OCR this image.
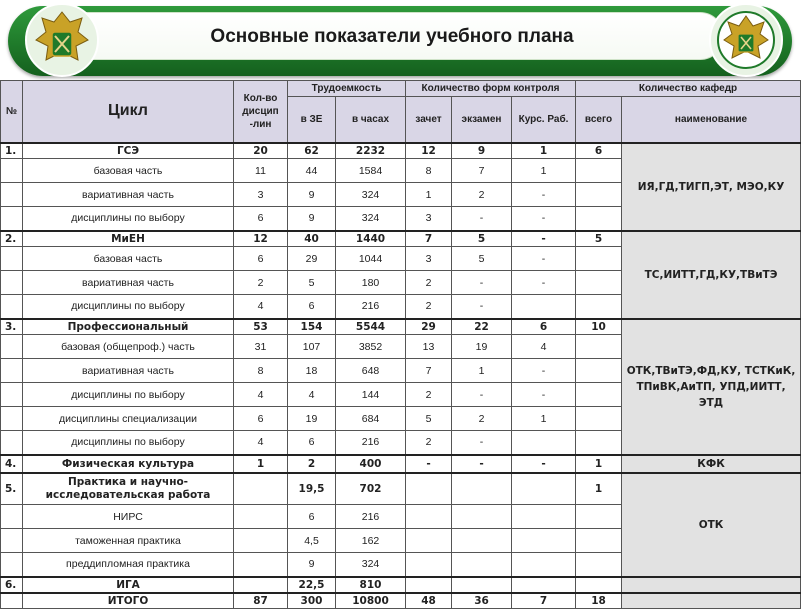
Основные показатели учебного плана
№	Цикл	Кол-во дисцип -лин	Трудоемкость		Количество форм контроля			Количество кафедр	
			в ЗЕ	в часах	зачет	экзамен	Курс. Раб.	всего	наименование
1.	ГСЭ	20	62	2232	12	9	1	6	ИЯ,ГД,ТИГП,ЭТ, МЭО,КУ
	базовая часть	11	44	1584	8	7	1		
	вариативная часть	3	9	324	1	2	-		
	дисциплины по выбору	6	9	324	3	-	-		
2.	МиЕН	12	40	1440	7	5	-	5	ТС,ИИТТ,ГД,КУ,ТВиТЭ
	базовая часть	6	29	1044	3	5	-		
	вариативная часть	2	5	180	2	-	-		
	дисциплины по выбору	4	6	216	2	-			
3.	Профессиональный	53	154	5544	29	22	6	10	ОТК,ТВиТЭ,ФД,КУ, ТСТКиК, ТПиВК,АиТП, УПД,ИИТТ, ЭТД
	базовая (общепроф.) часть	31	107	3852	13	19	4		
	вариативная часть	8	18	648	7	1	-		
	дисциплины по выбору	4	4	144	2	-	-		
	дисциплины специализации	6	19	684	5	2	1		
	дисциплины по выбору	4	6	216	2	-			
4.	Физическая культура	1	2	400	-	-	-	1	КФК
5.	Практика и научно-исследовательская работа		19,5	702				1	ОТК
	НИРС		6	216					
	таможенная практика		4,5	162					
	преддипломная практика		9	324					
6.	ИГА		22,5	810					
	ИТОГО	87	300	10800	48	36	7	18	
